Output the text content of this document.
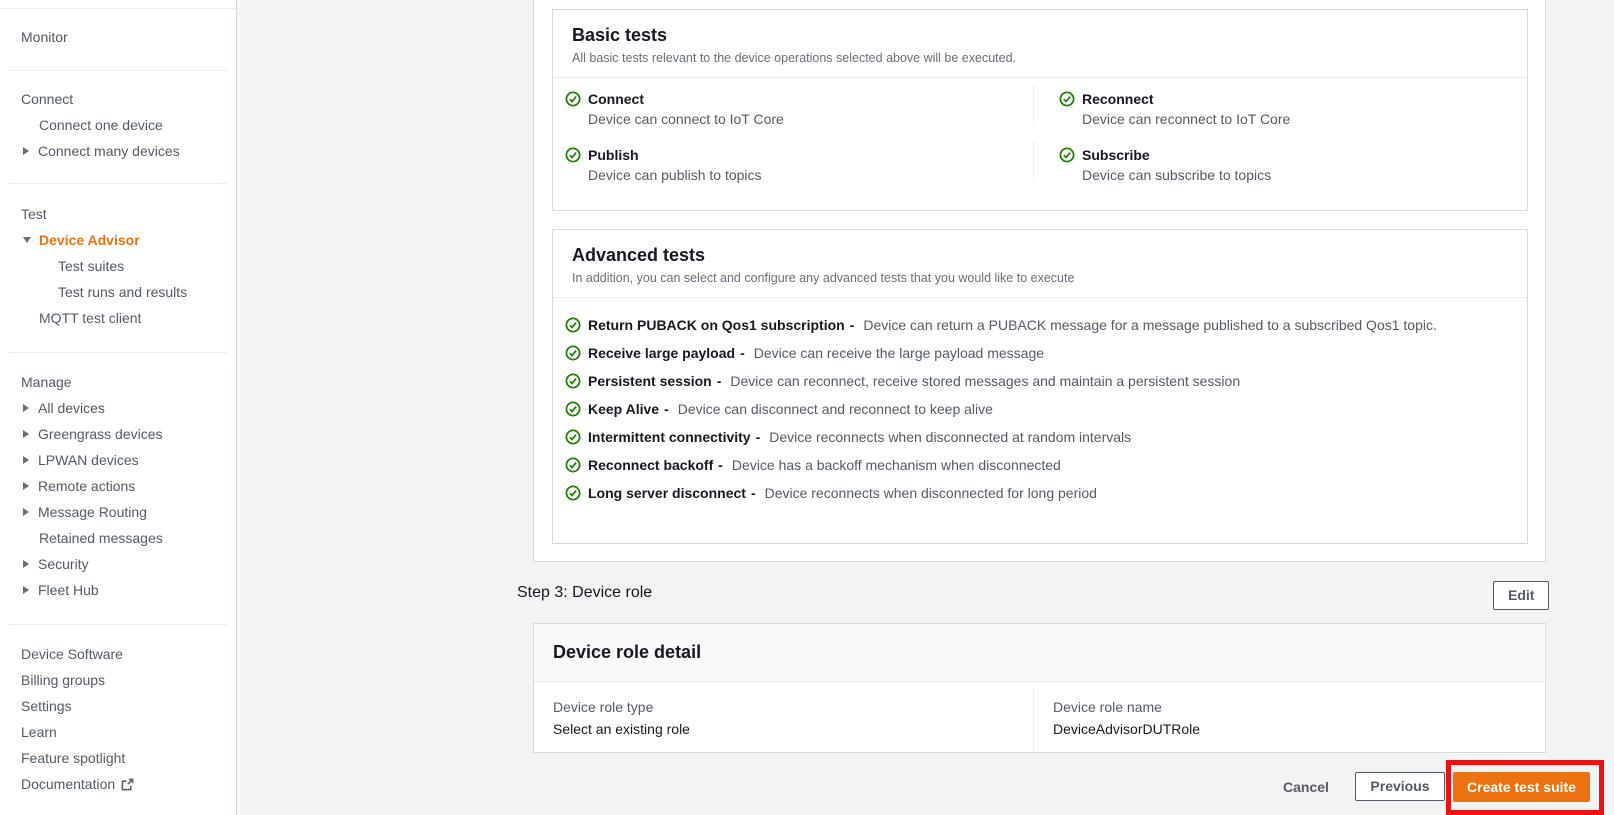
Monitor
Connect
Connect one device
Connect many devices
Test
Device Advisor
Test suites
Test runs and results
MQTT test client
Manage
All devices
Greengrass devices
LPWAN devices
Remote actions
Message Routing
Retained messages
Security
Fleet Hub
Device Software
Billing groups
Settings
Learn
Feature spotlight
Documentation
Basic tests

All basic tests relevant to the device operations selected above will be executed.

Connect
Device can connect to IoT Core
Reconnect
Device can reconnect to IoT Core
Publish
Device can publish to topics
Subscribe
Device can subscribe to topics
Advanced tests

In addition, you can select and configure any advanced tests that you would like to execute

Return PUBACK on Qos1 subscription - Device can return a PUBACK message for a message published to a subscribed Qos1 topic.
Receive large payload - Device can receive the large payload message
Persistent session - Device can reconnect, receive stored messages and maintain a persistent session
Keep Alive - Device can disconnect and reconnect to keep alive
Intermittent connectivity - Device reconnects when disconnected at random intervals
Reconnect backoff - Device has a backoff mechanism when disconnected
Long server disconnect - Device reconnects when disconnected for long period
Step 3: Device role	Edit
Device role detail
Device role type
Select an existing role
Device role name
DeviceAdvisorDUTRole
Cancel	Previous	Create test suite
